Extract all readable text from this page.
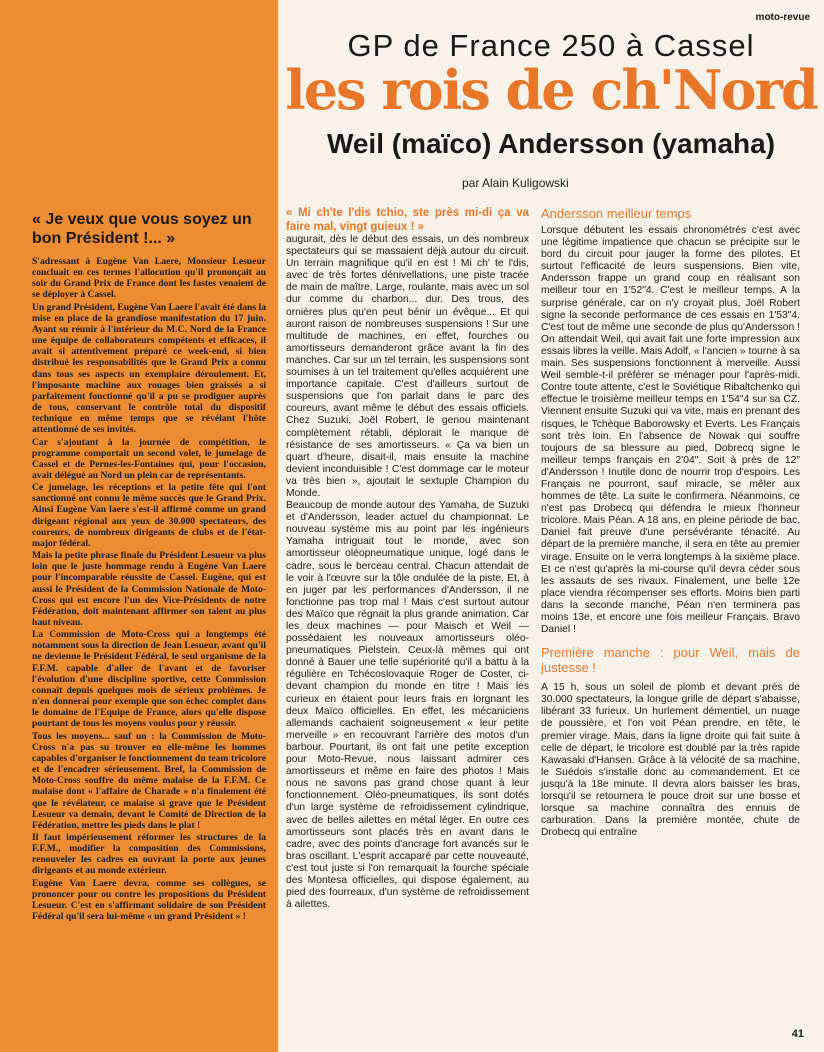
« Je veux que vous soyez un bon Président !... »

S'adressant à Eugène Van Laere, Monsieur Lesueur concluait en ces termes l'allocution qu'il prononçait au soir du Grand Prix de France dont les fastes venaient de se déployer à Cassel.

Un grand Président, Eugène Van Laere l'avait été dans la mise en place de la grandiose manifestation du 17 juin. Ayant su réunir à l'intérieur du M.C. Nord de la France une équipe de collaborateurs compétents et efficaces, il avait si attentivement préparé ce week-end, si bien distribué les responsabilités que le Grand Prix a connu dans tous ses aspects un exemplaire déroulement. Et, l'imposante machine aux rouages bien graissés a si parfaitement fonctionné qu'il a pu se prodiguer auprès de tous, conservant le contrôle total du dispositif technique en même temps que se révélant l'hôte attentionné de ses invités.

Car s'ajoutant à la journée de compétition, le programme comportait un second volet, le jumelage de Cassel et de Pernes-les-Fontaines qui, pour l'occasion, avait délégué au Nord un plein car de représentants.

Ce jumelage, les réceptions et la petite fête qui l'ont sanctionné ont connu le même succès que le Grand Prix. Ainsi Eugène Van laere s'est-il affirmé comme un grand dirigeant régional aux yeux de 30.000 spectateurs, des coureurs, de nombreux dirigeants de clubs et de l'état-major fédéral.

Mais la petite phrase finale du Président Lesueur va plus loin que le juste hommage rendu à Eugène Van Laere pour l'incomparable réussite de Cassel. Eugène, qui est aussi le Président de la Commission Nationale de Moto-Cross qui est encore l'un des Vice-Présidents de notre Fédération, doit maintenant affirmer son talent au plus haut niveau.

La Commission de Moto-Cross qui a longtemps été notamment sous la direction de Jean Lesueur, avant qu'il ne devienne le Président Fédéral, le seul organisme de la F.F.M. capable d'aller de l'avant et de favoriser l'évolution d'une discipline sportive, cette Commission connaît depuis quelques mois de sérieux problèmes. Je n'en donnerai pour exemple que son échec complet dans le domaine de l'Equipe de France, alors qu'elle dispose pourtant de tous les moyens voulus pour y réussir.

Tous les moyens... sauf un : la Commission de Moto-Cross n'a pas su trouver en elle-même les hommes capables d'organiser le fonctionnement du team tricolore et de l'encadrer sérieusement. Bref, la Commission de Moto-Cross souffre du même malaise de la F.F.M. Ce malaise dont « l'affaire de Charade » n'a finalement été que le révélateur, ce malaise si grave que le Président Lesueur va demain, devant le Comité de Direction de la Fédération, mettre les pieds dans le plat !

Il faut impérieusement réformer les structures de la F.F.M., modifier la composition des Commissions, renouveler les cadres en ouvrant la porte aux jeunes dirigeants et au monde extérieur.

Eugène Van Laere devra, comme ses collègues, se prononcer pour ou contre les propositions du Président Lesueur. C'est en s'affirmant solidaire de son Président Fédéral qu'il sera lui-même « un grand Président » !

moto-revue
GP de France 250 à Cassel
les rois de ch'Nord
Weil (maïco) Andersson (yamaha)
par Alain Kuligowski

« Mi ch'te l'dis tchio, ste près mi-di ça va faire mal, vingt guieux ! »

augurait, dès le début des essais, un des nombreux spectateurs qui se massaient déjà autour du circuit. Un terrain magnifique qu'il en est ! Mi ch' te l'dis, avec de très fortes dénivellations, une piste tracée de main de maître. Large, roulante, mais avec un sol dur comme du charbon... dur. Des trous, des ornières plus qu'en peut bénir un évêque... Et qui auront raison de nombreuses suspensions ! Sur une multitude de machines, en effet, fourches ou amortisseurs demanderont grâce avant la fin des manches. Car sur un tel terrain, les suspensions sont soumises à un tel traitement qu'elles acquièrent une importance capitale. C'est d'ailleurs surtout de suspensions que l'on parlait dans le parc des coureurs, avant même le début des essais officiels. Chez Suzuki, Joël Robert, le genou maintenant complètement rétabli, déplorait le manque de résistance de ses amortisseurs. « Ça va bien un quart d'heure, disait-il, mais ensuite la machine devient inconduisible ! C'est dommage car le moteur va très bien », ajoutait le sextuple Champion du Monde.

Beaucoup de monde autour des Yamaha, de Suzuki et d'Andersson, leader actuel du championnat. Le nouveau système mis au point par les ingénieurs Yamaha intriguait tout le monde, avec son amortisseur oléopneumatique unique, logé dans le cadre, sous le berceau central. Chacun attendait de le voir à l'œuvre sur la tôle ondulée de la piste. Et, à en juger par les performances d'Andersson, il ne fonctionne pas trop mal ! Mais c'est surtout autour des Maïco que régnait la plus grande animation. Car les deux machines — pour Maisch et Weil — possédaient les nouveaux amortisseurs oléo-pneumatiques Pielstein. Ceux-là mêmes qui ont donné à Bauer une telle supériorité qu'il a battu à la régulière en Tchécoslovaquie Roger de Coster, ci-devant champion du monde en titre ! Mais les curieux en étaient pour leurs frais en lorgnant les deux Maïco officielles. En effet, les mécaniciens allemands cachaient soigneusement « leur petite merveille » en recouvrant l'arrière des motos d'un barbour. Pourtant, ils ont fait une petite exception pour Moto-Revue, nous laissant admirer ces amortisseurs et même en faire des photos ! Mais nous ne savons pas grand chose quant à leur fonctionnement. Oléo-pneumatiques, ils sont dotés d'un large système de refroidissement cylindrique, avec de belles ailettes en métal léger. En outre ces amortisseurs sont placés très en avant dans le cadre, avec des points d'ancrage fort avancés sur le bras oscillant. L'esprit accaparé par cette nouveauté, c'est tout juste si l'on remarquait la fourche spéciale des Montesa officielles, qui dispose également, au pied des fourreaux, d'un système de refroidissement à ailettes.

Andersson meilleur temps

Lorsque débutent les essais chronométrés c'est avec une légitime impatience que chacun se précipite sur le bord du circuit pour jauger la forme des pilotes. Et surtout l'efficacité de leurs suspensions. Bien vite, Andersson frappe un grand coup en réalisant son meilleur tour en 1'52"4. C'est le meilleur temps. A la surprise générale, car on n'y croyait plus, Joël Robert signe la seconde performance de ces essais en 1'53"4. C'est tout de même une seconde de plus qu'Andersson ! On attendait Weil, qui avait fait une forte impression aux essais libres la veille. Mais Adolf, « l'ancien » tourne à sa main. Ses suspensions fonctionnent à merveille. Aussi Weil semble-t-il préférer se ménager pour l'après-midi. Contre toute attente, c'est le Soviétique Ribaltchenko qui effectue le troisième meilleur temps en 1'54"4 sur sa CZ. Viennent ensuite Suzuki qui va vite, mais en prenant des risques, le Tchèque Baborowsky et Everts. Les Français sont très loin. En l'absence de Nowak qui souffre toujours de sa blessure au pied, Dobrecq signe le meilleur temps français en 2'04". Soit à près de 12" d'Andersson ! Inutile donc de nourrir trop d'espoirs. Les Français ne pourront, sauf miracle, se mêler aux hommes de tête. La suite le confirmera. Néanmoins, ce n'est pas Drobecq qui défendra le mieux l'honneur tricolore. Mais Péan. A 18 ans, en pleine période de bac, Daniel fait preuve d'une persévérante ténacité. Au départ de la première manche, il sera en tête au premier virage. Ensuite on le verra longtemps à la sixième place. Et ce n'est qu'après la mi-course qu'il devra céder sous les assauts de ses rivaux. Finalement, une belle 12e place viendra récompenser ses efforts. Moins bien parti dans la seconde manche, Péan n'en terminera pas moins 13e, et encore une fois meilleur Français. Bravo Daniel !

Première manche : pour Weil, mais de justesse !

A 15 h, sous un soleil de plomb et devant près de 30.000 spectateurs, la longue grille de départ s'abaisse, libérant 33 furieux. Un hurlement démentiel, un nuage de poussière, et l'on voit Péan prendre, en tête, le premier virage. Mais, dans la ligne droite qui fait suite à celle de départ, le tricolore est doublé par la très rapide Kawasaki d'Hansen. Grâce à la vélocité de sa machine, le Suédois s'installe donc au commandement. Et ce jusqu'à la 18e minute. Il devra alors baisser les bras, lorsqu'il se retournera le pouce droit sur une bosse et lorsque sa machine connaîtra des ennuis de carburation. Dans la première montée, chute de Drobecq qui entraîne

41
